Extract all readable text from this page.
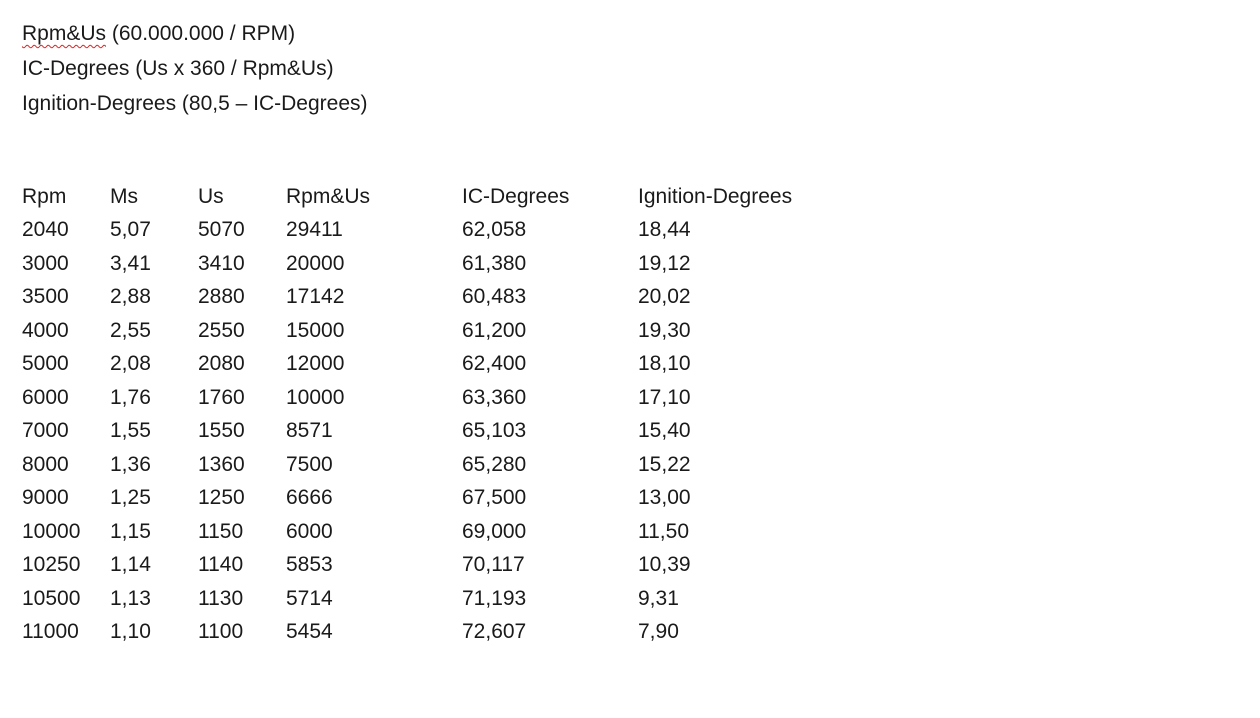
Rpm&Us (60.000.000 / RPM)
IC-Degrees (Us x 360 / Rpm&Us)
Ignition-Degrees (80,5 – IC-Degrees)
Rpm	Ms	Us	Rpm&Us	IC-Degrees	Ignition-Degrees
2040	5,07	5070	29411	62,058	18,44
3000	3,41	3410	20000	61,380	19,12
3500	2,88	2880	17142	60,483	20,02
4000	2,55	2550	15000	61,200	19,30
5000	2,08	2080	12000	62,400	18,10
6000	1,76	1760	10000	63,360	17,10
7000	1,55	1550	8571	65,103	15,40
8000	1,36	1360	7500	65,280	15,22
9000	1,25	1250	6666	67,500	13,00
10000	1,15	1150	6000	69,000	11,50
10250	1,14	1140	5853	70,117	10,39
10500	1,13	1130	5714	71,193	9,31
11000	1,10	1100	5454	72,607	7,90
